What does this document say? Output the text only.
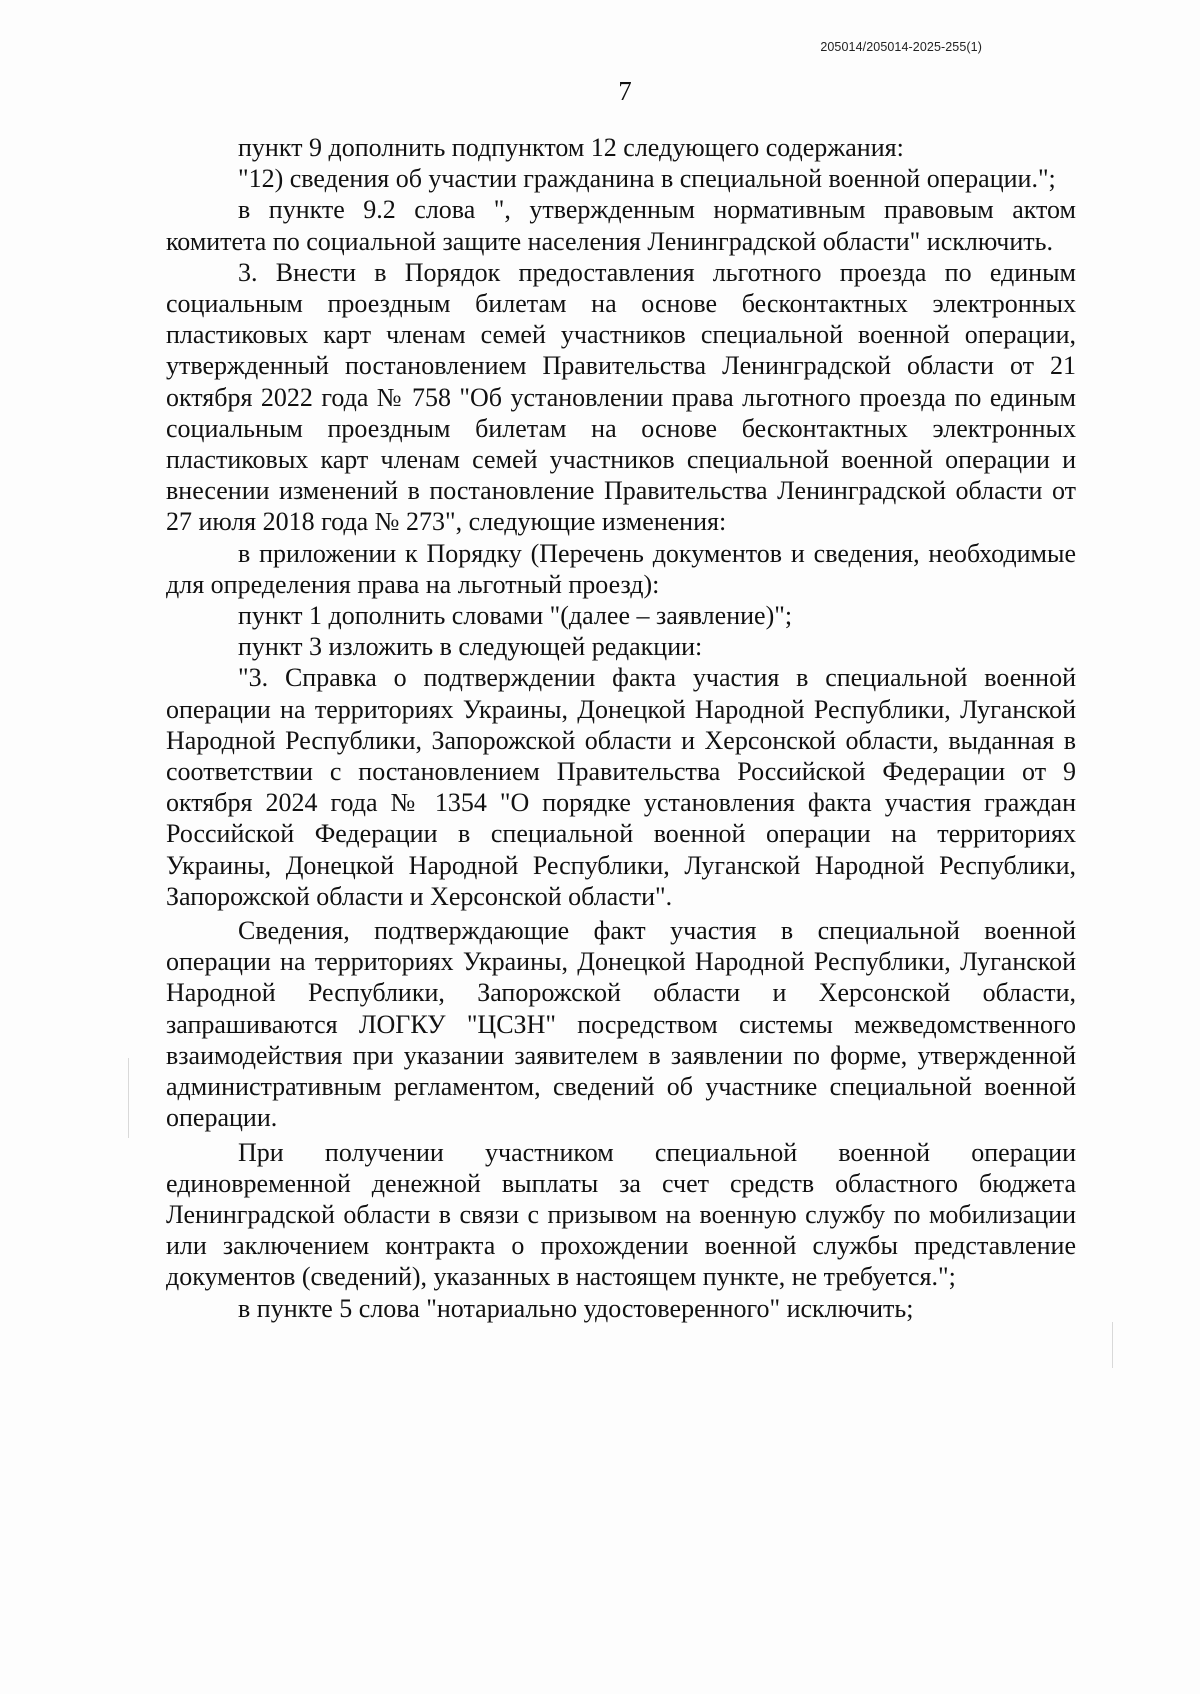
205014/205014-2025-255(1)
7

пункт 9 дополнить подпунктом 12 следующего содержания:

"12) сведения об участии гражданина в специальной военной операции.";

в пункте 9.2 слова ", утвержденным нормативным правовым актом комитета по социальной защите населения Ленинградской области" исключить.

3. Внести в Порядок предоставления льготного проезда по единым социальным проездным билетам на основе бесконтактных электронных пластиковых карт членам семей участников специальной военной операции, утвержденный постановлением Правительства Ленинградской области от 21 октября 2022 года № 758 "Об установлении права льготного проезда по единым социальным проездным билетам на основе бесконтактных электронных пластиковых карт членам семей участников специальной военной операции и внесении изменений в постановление Правительства Ленинградской области от 27 июля 2018 года № 273", следующие изменения:

в приложении к Порядку (Перечень документов и сведения, необходимые для определения права на льготный проезд):

пункт 1 дополнить словами "(далее – заявление)";

пункт 3 изложить в следующей редакции:

"3. Справка о подтверждении факта участия в специальной военной операции на территориях Украины, Донецкой Народной Республики, Луганской Народной Республики, Запорожской области и Херсонской области, выданная в соответствии с постановлением Правительства Российской Федерации от 9 октября 2024 года № 1354 "О порядке установления факта участия граждан Российской Федерации в специальной военной операции на территориях Украины, Донецкой Народной Республики, Луганской Народной Республики, Запорожской области и Херсонской области".

Сведения, подтверждающие факт участия в специальной военной операции на территориях Украины, Донецкой Народной Республики, Луганской Народной Республики, Запорожской области и Херсонской области, запрашиваются ЛОГКУ "ЦСЗН" посредством системы межведомственного взаимодействия при указании заявителем в заявлении по форме, утвержденной административным регламентом, сведений об участнике специальной военной операции.

При получении участником специальной военной операции единовременной денежной выплаты за счет средств областного бюджета Ленинградской области в связи с призывом на военную службу по мобилизации или заключением контракта о прохождении военной службы представление документов (сведений), указанных в настоящем пункте, не требуется.";

в пункте 5 слова "нотариально удостоверенного" исключить;
